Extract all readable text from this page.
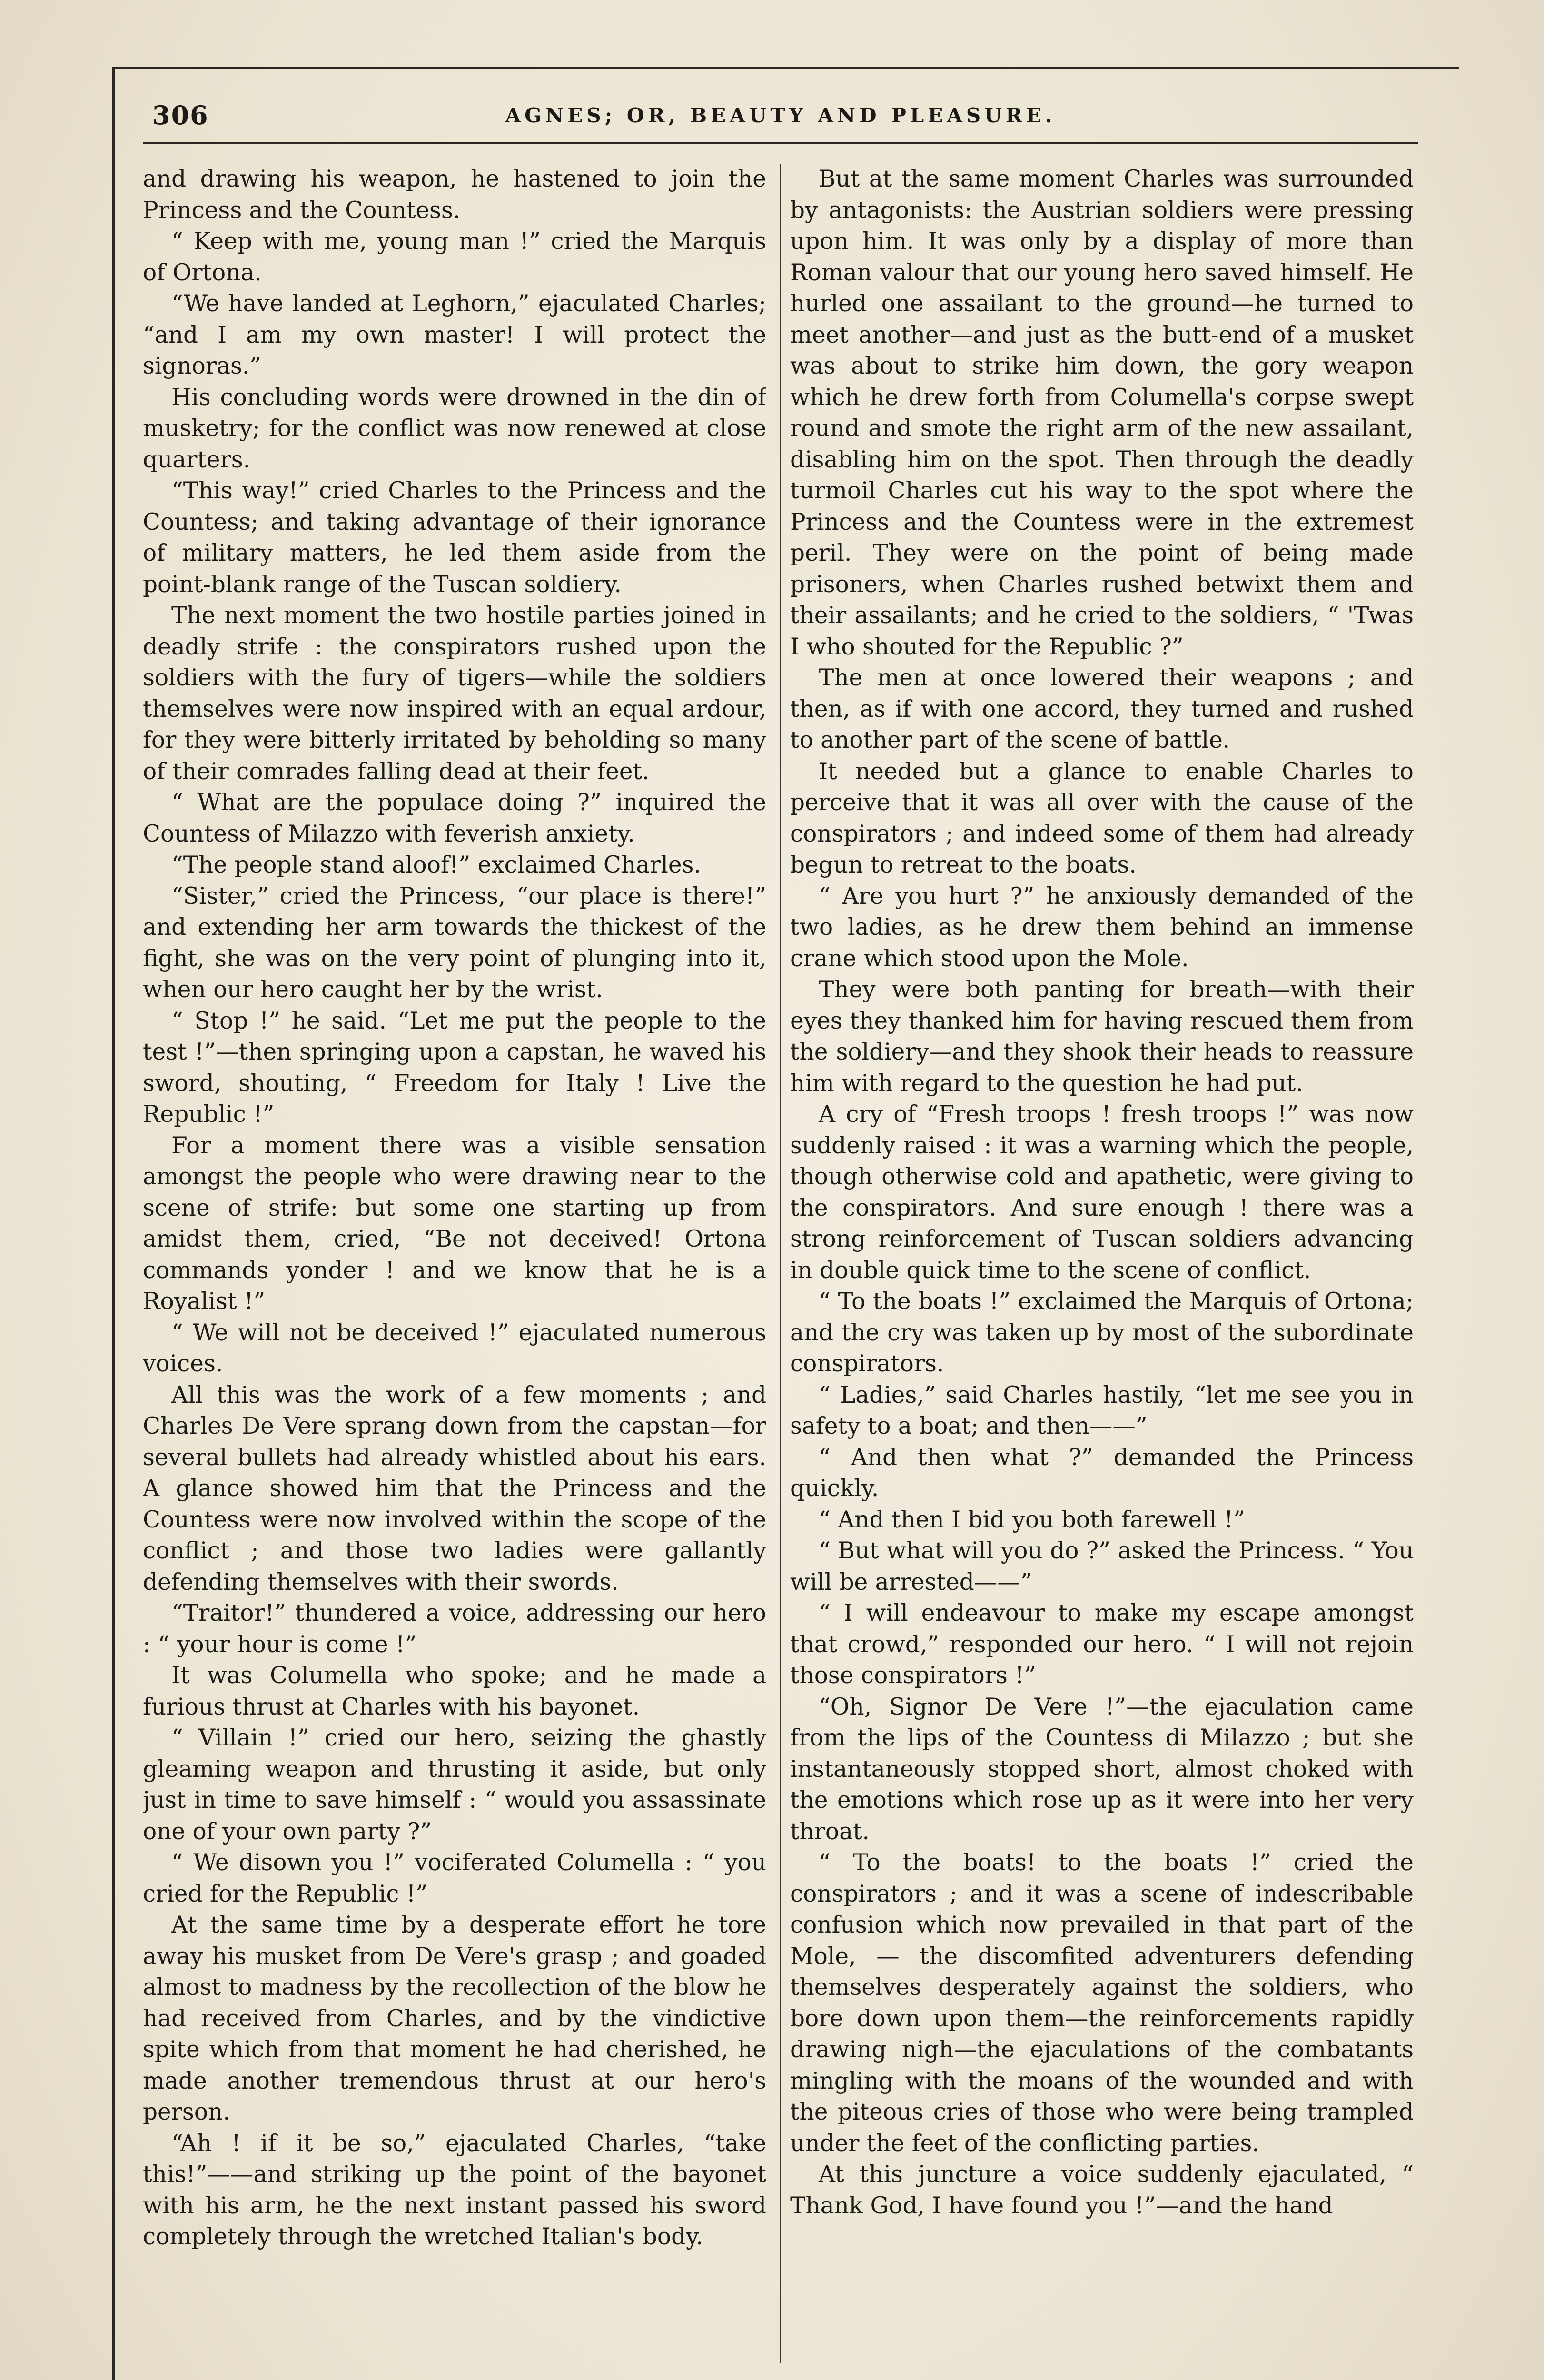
306	AGNES; OR, BEAUTY AND PLEASURE.

and drawing his weapon, he hastened to join the Princess and the Countess.

“ Keep with me, young man !” cried the Marquis of Ortona.

“We have landed at Leghorn,” ejaculated Charles; “and I am my own master! I will protect the signoras.”

His concluding words were drowned in the din of musketry; for the conflict was now renewed at close quarters.

“This way!” cried Charles to the Princess and the Countess; and taking advantage of their ignorance of military matters, he led them aside from the point-blank range of the Tuscan soldiery.

The next moment the two hostile parties joined in deadly strife : the conspirators rushed upon the soldiers with the fury of tigers—while the soldiers themselves were now inspired with an equal ardour, for they were bitterly irritated by beholding so many of their comrades falling dead at their feet.

“ What are the populace doing ?” inquired the Countess of Milazzo with feverish anxiety.

“The people stand aloof!” exclaimed Charles.

“Sister,” cried the Princess, “our place is there!” and extending her arm towards the thickest of the fight, she was on the very point of plunging into it, when our hero caught her by the wrist.

“ Stop !” he said. “Let me put the people to the test !”—then springing upon a capstan, he waved his sword, shouting, “ Freedom for Italy ! Live the Republic !”

For a moment there was a visible sensation amongst the people who were drawing near to the scene of strife: but some one starting up from amidst them, cried, “Be not deceived! Ortona commands yonder ! and we know that he is a Royalist !”

“ We will not be deceived !” ejaculated numerous voices.

All this was the work of a few moments ; and Charles De Vere sprang down from the capstan—for several bullets had already whistled about his ears. A glance showed him that the Princess and the Countess were now involved within the scope of the conflict ; and those two ladies were gallantly defending themselves with their swords.

“Traitor!” thundered a voice, addressing our hero : “ your hour is come !”

It was Columella who spoke; and he made a furious thrust at Charles with his bayonet.

“ Villain !” cried our hero, seizing the ghastly gleaming weapon and thrusting it aside, but only just in time to save himself : “ would you assassinate one of your own party ?”

“ We disown you !” vociferated Columella : “ you cried for the Republic !”

At the same time by a desperate effort he tore away his musket from De Vere's grasp ; and goaded almost to madness by the recollection of the blow he had received from Charles, and by the vindictive spite which from that moment he had cherished, he made another tremendous thrust at our hero's person.

“Ah ! if it be so,” ejaculated Charles, “take this!”——and striking up the point of the bayonet with his arm, he the next instant passed his sword completely through the wretched Italian's body.

But at the same moment Charles was surrounded by antagonists: the Austrian soldiers were pressing upon him. It was only by a display of more than Roman valour that our young hero saved himself. He hurled one assailant to the ground—he turned to meet another—and just as the butt-end of a musket was about to strike him down, the gory weapon which he drew forth from Columella's corpse swept round and smote the right arm of the new assailant, disabling him on the spot. Then through the deadly turmoil Charles cut his way to the spot where the Princess and the Countess were in the extremest peril. They were on the point of being made prisoners, when Charles rushed betwixt them and their assailants; and he cried to the soldiers, “ 'Twas I who shouted for the Republic ?”

The men at once lowered their weapons ; and then, as if with one accord, they turned and rushed to another part of the scene of battle.

It needed but a glance to enable Charles to perceive that it was all over with the cause of the conspirators ; and indeed some of them had already begun to retreat to the boats.

“ Are you hurt ?” he anxiously demanded of the two ladies, as he drew them behind an immense crane which stood upon the Mole.

They were both panting for breath—with their eyes they thanked him for having rescued them from the soldiery—and they shook their heads to reassure him with regard to the question he had put.

A cry of “Fresh troops ! fresh troops !” was now suddenly raised : it was a warning which the people, though otherwise cold and apathetic, were giving to the conspirators. And sure enough ! there was a strong reinforcement of Tuscan soldiers advancing in double quick time to the scene of conflict.

“ To the boats !” exclaimed the Marquis of Ortona; and the cry was taken up by most of the subordinate conspirators.

“ Ladies,” said Charles hastily, “let me see you in safety to a boat; and then——”

“ And then what ?” demanded the Princess quickly.

“ And then I bid you both farewell !”

“ But what will you do ?” asked the Princess. “ You will be arrested——”

“ I will endeavour to make my escape amongst that crowd,” responded our hero. “ I will not rejoin those conspirators !”

“Oh, Signor De Vere !”—the ejaculation came from the lips of the Countess di Milazzo ; but she instantaneously stopped short, almost choked with the emotions which rose up as it were into her very throat.

“ To the boats! to the boats !” cried the conspirators ; and it was a scene of indescribable confusion which now prevailed in that part of the Mole, — the discomfited adventurers defending themselves desperately against the soldiers, who bore down upon them—the reinforcements rapidly drawing nigh—the ejaculations of the combatants mingling with the moans of the wounded and with the piteous cries of those who were being trampled under the feet of the conflicting parties.

At this juncture a voice suddenly ejaculated, “ Thank God, I have found you !”—and the hand
